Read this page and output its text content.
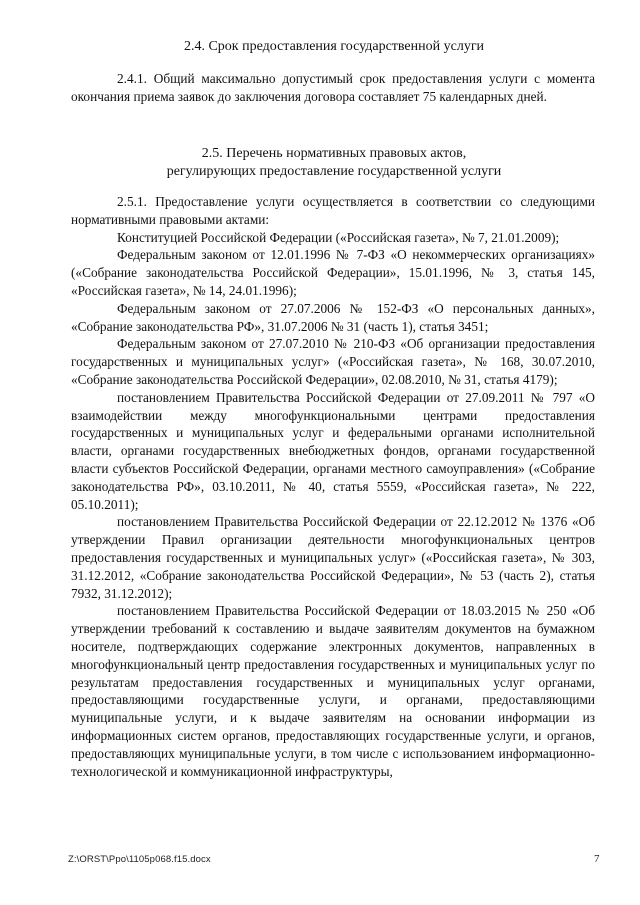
2.4. Срок предоставления государственной услуги

2.4.1. Общий максимально допустимый срок предоставления услуги с момента окончания приема заявок до заключения договора составляет 75 календарных дней.

2.5. Перечень нормативных правовых актов,
регулирующих предоставление государственной услуги

2.5.1. Предоставление услуги осуществляется в соответствии со следующими нормативными правовыми актами:

Конституцией Российской Федерации («Российская газета», № 7, 21.01.2009);

Федеральным законом от 12.01.1996 № 7-ФЗ «О некоммерческих организациях» («Собрание законодательства Российской Федерации», 15.01.1996, № 3, статья 145, «Российская газета», № 14, 24.01.1996);

Федеральным законом от 27.07.2006 № 152-ФЗ «О персональных данных», «Собрание законодательства РФ», 31.07.2006 № 31 (часть 1), статья 3451;

Федеральным законом от 27.07.2010 № 210-ФЗ «Об организации предоставления государственных и муниципальных услуг» («Российская газета», № 168, 30.07.2010, «Собрание законодательства Российской Федерации», 02.08.2010, № 31, статья 4179);

постановлением Правительства Российской Федерации от 27.09.2011 № 797 «О взаимодействии между многофункциональными центрами предоставления государственных и муниципальных услуг и федеральными органами исполнительной власти, органами государственных внебюджетных фондов, органами государственной власти субъектов Российской Федерации, органами местного самоуправления» («Собрание законодательства РФ», 03.10.2011, № 40, статья 5559, «Российская газета», № 222, 05.10.2011);

постановлением Правительства Российской Федерации от 22.12.2012 № 1376 «Об утверждении Правил организации деятельности многофункциональных центров предоставления государственных и муниципальных услуг» («Российская газета», № 303, 31.12.2012, «Собрание законодательства Российской Федерации», № 53 (часть 2), статья 7932, 31.12.2012);

постановлением Правительства Российской Федерации от 18.03.2015 № 250 «Об утверждении требований к составлению и выдаче заявителям документов на бумажном носителе, подтверждающих содержание электронных документов, направленных в многофункциональный центр предоставления государственных и муниципальных услуг по результатам предоставления государственных и муниципальных услуг органами, предоставляющими государственные услуги, и органами, предоставляющими муниципальные услуги, и к выдаче заявителям на основании информации из информационных систем органов, предоставляющих государственные услуги, и органов, предоставляющих муниципальные услуги, в том числе с использованием информационно-технологической и коммуникационной инфраструктуры,

Z:\ORST\Ppo\1105p068.f15.docx	7
